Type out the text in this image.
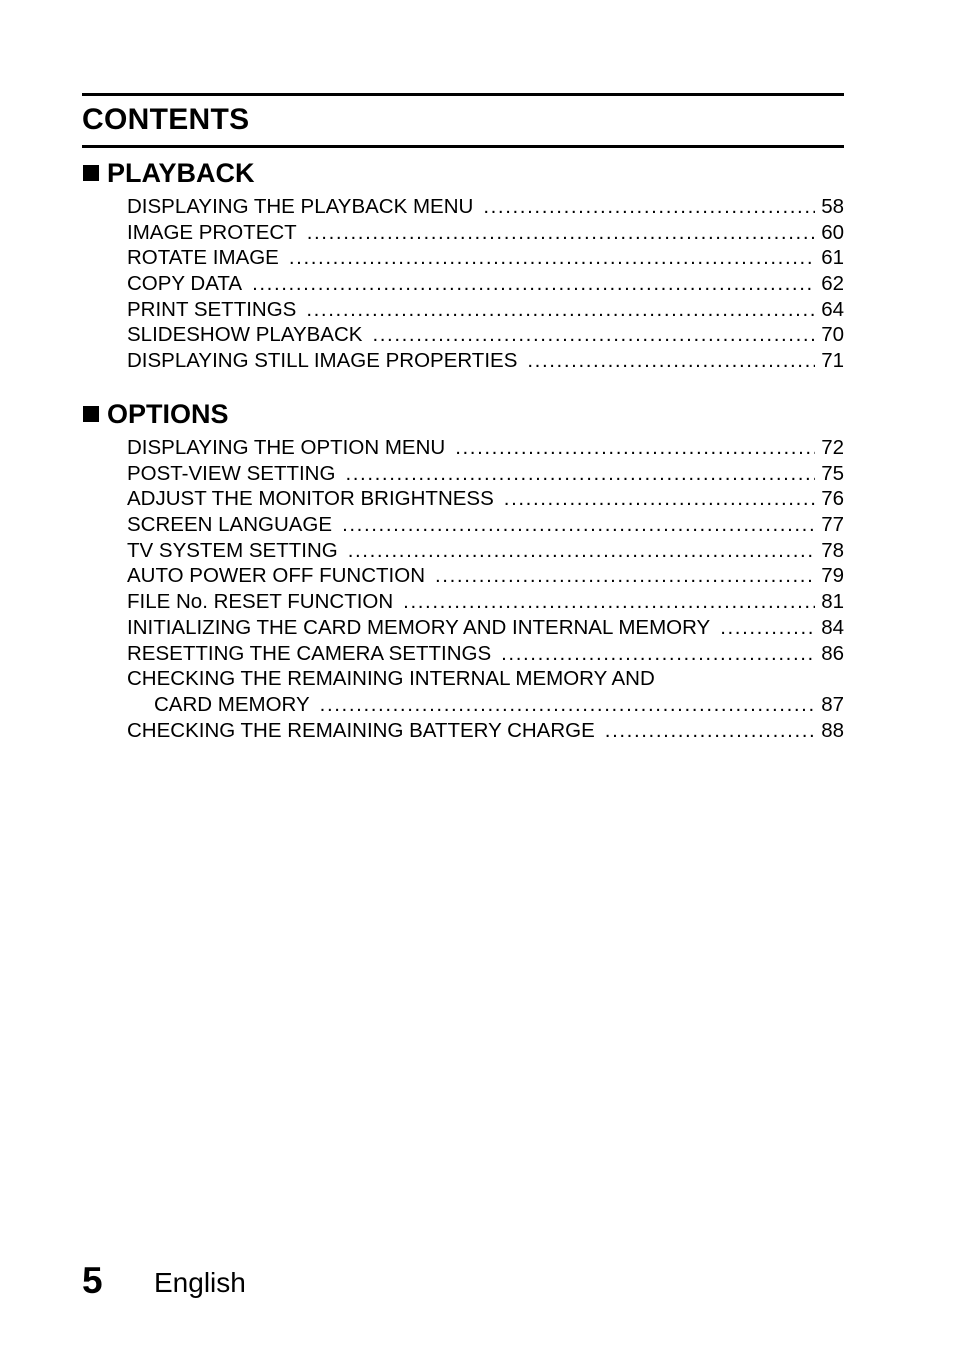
CONTENTS
PLAYBACK
DISPLAYING THE PLAYBACK MENU .....	58
IMAGE PROTECT .....	60
ROTATE IMAGE .....	61
COPY DATA .....	62
PRINT SETTINGS .....	64
SLIDESHOW PLAYBACK .....	70
DISPLAYING STILL IMAGE PROPERTIES .....	71
OPTIONS
DISPLAYING THE OPTION MENU .....	72
POST-VIEW SETTING .....	75
ADJUST THE MONITOR BRIGHTNESS .....	76
SCREEN LANGUAGE .....	77
TV SYSTEM SETTING .....	78
AUTO POWER OFF FUNCTION .....	79
FILE No. RESET FUNCTION .....	81
INITIALIZING THE CARD MEMORY AND INTERNAL MEMORY .....	84
RESETTING THE CAMERA SETTINGS .....	86
CHECKING THE REMAINING INTERNAL MEMORY AND
CARD MEMORY .....	87
CHECKING THE REMAINING BATTERY CHARGE .....	88
5 English
